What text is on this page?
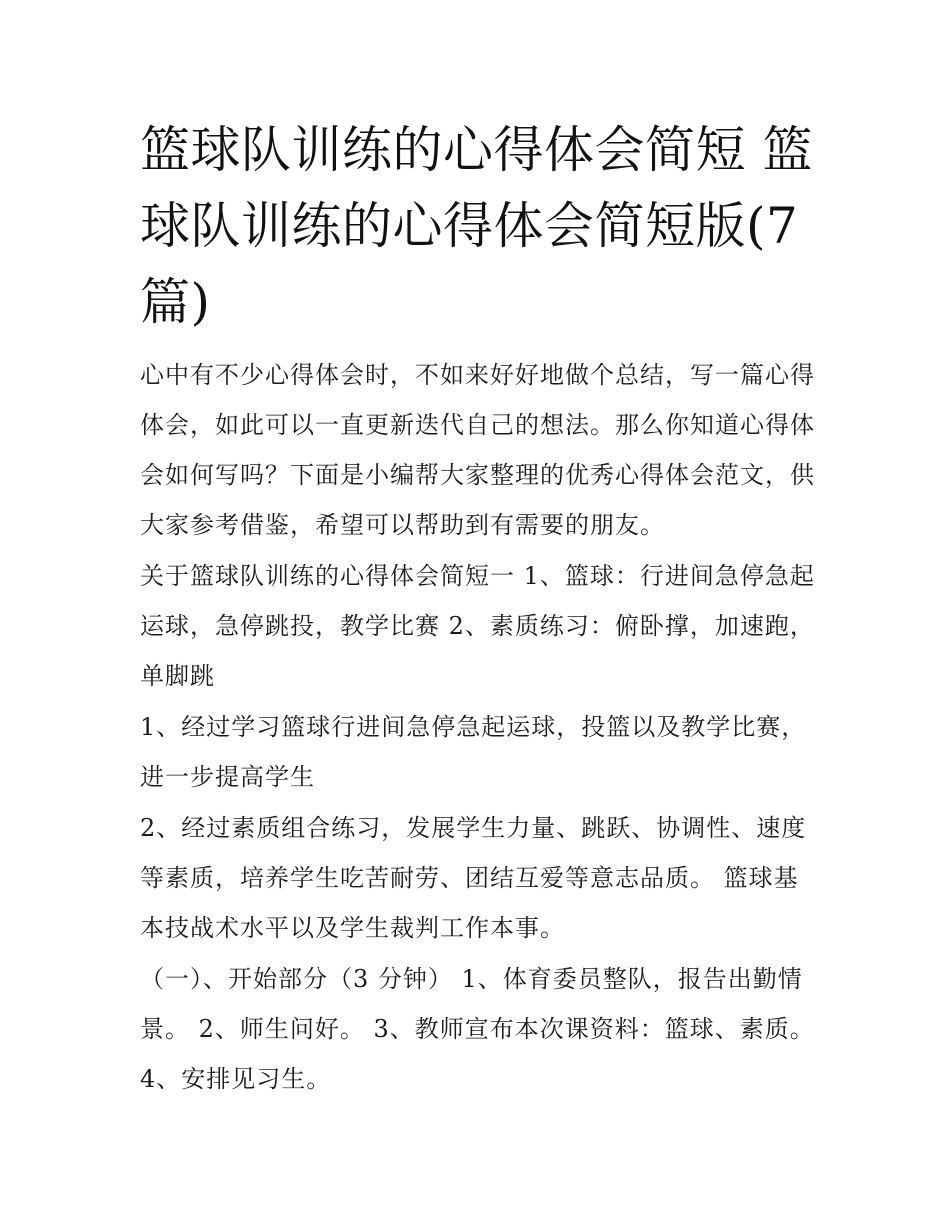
篮球队训练的心得体会简短 篮球队训练的心得体会简短版(7篇)

心中有不少心得体会时，不如来好好地做个总结，写一篇心得体会，如此可以一直更新迭代自己的想法。那么你知道心得体会如何写吗？下面是小编帮大家整理的优秀心得体会范文，供大家参考借鉴，希望可以帮助到有需要的朋友。

关于篮球队训练的心得体会简短一 1、篮球：行进间急停急起运球，急停跳投，教学比赛 2、素质练习：俯卧撑，加速跑，单脚跳

1、经过学习篮球行进间急停急起运球，投篮以及教学比赛，进一步提高学生

2、经过素质组合练习，发展学生力量、跳跃、协调性、速度等素质，培养学生吃苦耐劳、团结互爱等意志品质。 篮球基本技战术水平以及学生裁判工作本事。

（一）、开始部分（3 分钟） 1、体育委员整队，报告出勤情景。 2、师生问好。 3、教师宣布本次课资料：篮球、素质。 4、安排见习生。
